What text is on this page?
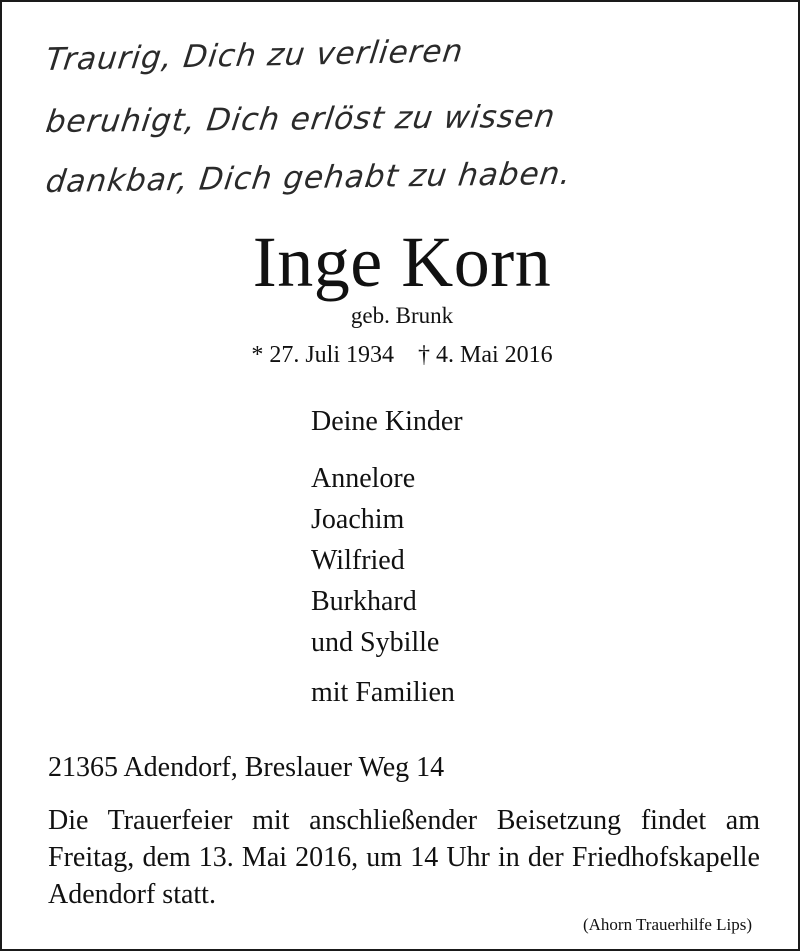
Traurig, Dich zu verlieren
beruhigt, Dich erlöst zu wissen
dankbar, Dich gehabt zu haben.
Inge Korn
geb. Brunk
* 27. Juli 1934    † 4. Mai 2016
Deine Kinder
Annelore
Joachim
Wilfried
Burkhard
und Sybille
mit Familien
21365 Adendorf, Breslauer Weg 14
Die Trauerfeier mit anschließender Beisetzung findet am Freitag, dem 13. Mai 2016, um 14 Uhr in der Friedhofskapelle Adendorf statt.
(Ahorn Trauerhilfe Lips)
